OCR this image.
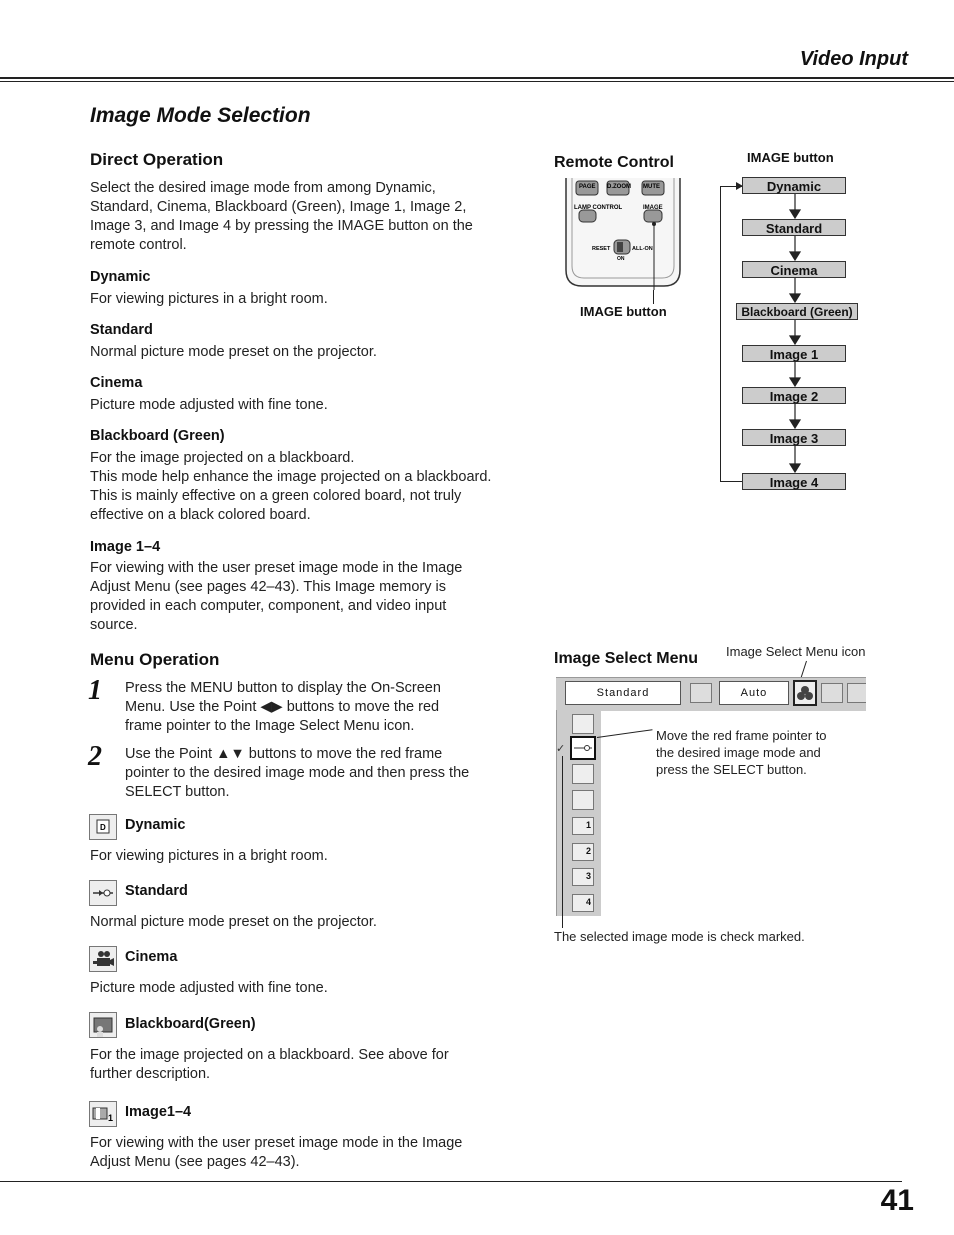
Video Input
Image Mode Selection
Direct Operation
Select the desired image mode from among Dynamic,
Standard, Cinema, Blackboard (Green), Image 1, Image 2,
Image 3, and Image 4 by pressing the IMAGE button on the
remote control.
Dynamic
For viewing pictures in a bright room.
Standard
Normal picture mode preset on the projector.
Cinema
Picture mode adjusted with fine tone.
Blackboard (Green)
For the image projected on a blackboard.
This mode help enhance the image projected on a blackboard.
This is mainly effective on a green colored board, not truly
effective on a black colored board.
Image 1–4
For viewing with the user preset image mode in the Image
Adjust Menu (see pages 42–43). This Image memory is
provided in each computer, component, and video input
source.
Remote Control	IMAGE button
IMAGE button
PAGE D.ZOOM MUTE
LAMP CONTROL	IMAGE
RESET	ALL-ON
ON
Dynamic
Standard
Cinema
Blackboard (Green)
Image 1
Image 2
Image 3
Image 4
Menu Operation
1 Press the MENU button to display the On-Screen
Menu. Use the Point ◀▶ buttons to move the red
frame pointer to the Image Select Menu icon.
2 Use the Point ▲▼ buttons to move the red frame
pointer to the desired image mode and then press the
SELECT button.
D Dynamic
For viewing pictures in a bright room.
Standard
Normal picture mode preset on the projector.
Cinema
Picture mode adjusted with fine tone.
Blackboard(Green)
For the image projected on a blackboard. See above for
further description.
1 Image1–4
For viewing with the user preset image mode in the Image
Adjust Menu (see pages 42–43).
Image Select Menu Image Select Menu icon
Standard	Auto
✓
1
2
3
4
Move the red frame pointer to
the desired image mode and
press the SELECT button.
The selected image mode is check marked.
41
